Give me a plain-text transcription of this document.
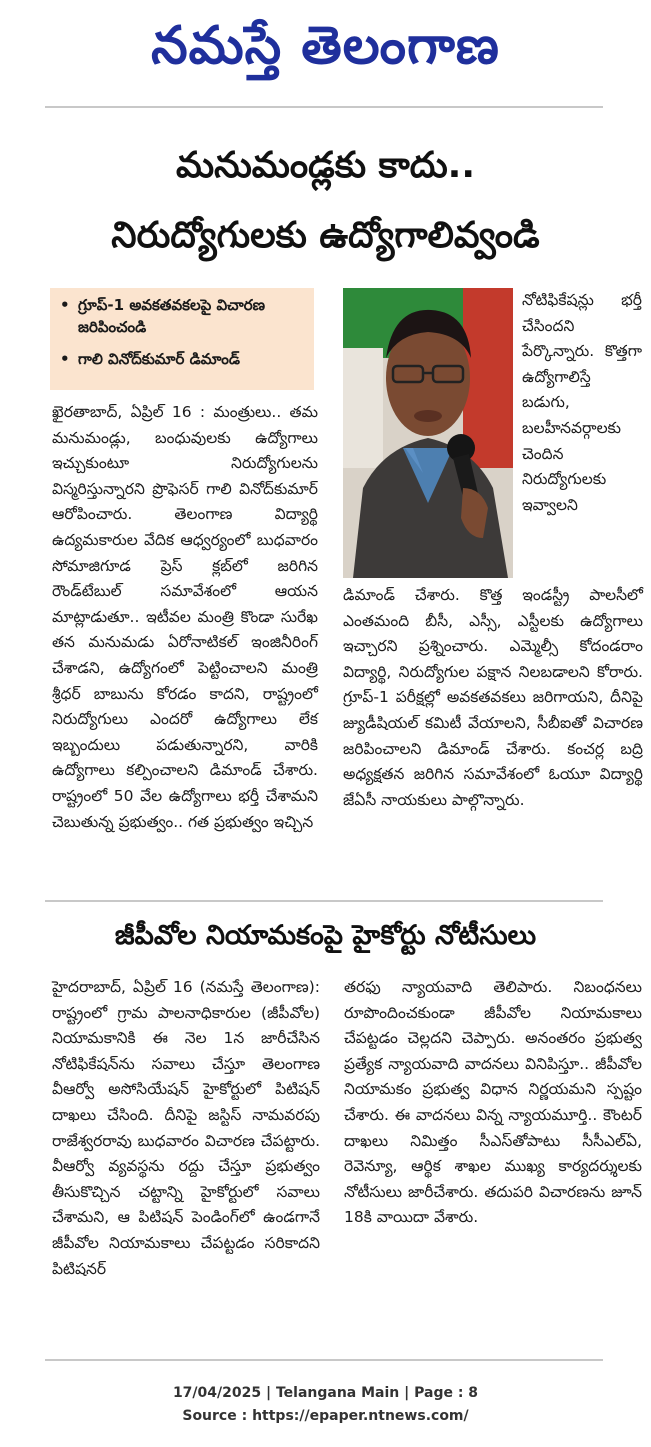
నమస్తే తెలంగాణ
మనుమండ్లకు కాదు..
నిరుద్యోగులకు ఉద్యోగాలివ్వండి
• గ్రూప్-1 అవకతవకలపై విచారణ జరిపించండి
• గాలి వినోద్‌కుమార్ డిమాండ్

ఖైరతాబాద్, ఏప్రిల్ 16 : మంత్రులు.. తమ మనుమండ్లు, బంధువులకు ఉద్యోగాలు ఇచ్చుకుంటూ నిరుద్యోగులను విస్మరిస్తున్నారని ప్రొఫెసర్ గాలి వినోద్‌కుమార్ ఆరోపించారు. తెలంగాణ విద్యార్థి ఉద్యమకారుల వేదిక ఆధ్వర్యంలో బుధవారం సోమాజిగూడ ప్రెస్ క్లబ్‌లో జరిగిన రౌండ్‌టేబుల్ సమావేశంలో ఆయన మాట్లాడుతూ.. ఇటీవల మంత్రి కొండా సురేఖ తన మనుమడు ఏరోనాటికల్ ఇంజినీరింగ్ చేశాడని, ఉద్యోగంలో పెట్టించాలని మంత్రి శ్రీధర్ బాబును కోరడం కాదని, రాష్ట్రంలో నిరుద్యోగులు ఎందరో ఉద్యోగాలు లేక ఇబ్బందులు పడుతున్నారని, వారికి ఉద్యోగాలు కల్పించాలని డిమాండ్ చేశారు. రాష్ట్రంలో 50 వేల ఉద్యోగాలు భర్తీ చేశామని చెబుతున్న ప్రభుత్వం.. గత ప్రభుత్వం ఇచ్చిన

నోటిఫికేషన్లు భర్తీ చేసిందని పేర్కొన్నారు. కొత్తగా ఉద్యోగాలిస్తే బడుగు, బలహీనవర్గాలకు చెందిన నిరుద్యోగులకు ఇవ్వాలని

డిమాండ్ చేశారు. కొత్త ఇండస్ట్రీ పాలసీలో ఎంతమంది బీసీ, ఎస్సీ, ఎస్టీలకు ఉద్యోగాలు ఇచ్చారని ప్రశ్నించారు. ఎమ్మెల్సీ కోదండరాం విద్యార్థి, నిరుద్యోగుల పక్షాన నిలబడాలని కోరారు. గ్రూప్-1 పరీక్షల్లో అవకతవకలు జరిగాయని, దీనిపై జ్యుడీషియల్ కమిటీ వేయాలని, సీబీఐతో విచారణ జరిపించాలని డిమాండ్ చేశారు. కంచర్ల బద్రి అధ్యక్షతన జరిగిన సమావేశంలో ఓయూ విద్యార్థి జేఏసీ నాయకులు పాల్గొన్నారు.

జీపీవోల నియామకంపై హైకోర్టు నోటీసులు

హైదరాబాద్, ఏప్రిల్ 16 (నమస్తే తెలంగాణ): రాష్ట్రంలో గ్రామ పాలనాధికారుల (జీపీవోల) నియామకానికి ఈ నెల 1న జారీచేసిన నోటిఫికేషన్‌ను సవాలు చేస్తూ తెలంగాణ వీఆర్వో అసోసియేషన్ హైకోర్టులో పిటిషన్ దాఖలు చేసింది. దీనిపై జస్టిస్ నామవరపు రాజేశ్వరరావు బుధవారం విచారణ చేపట్టారు. వీఆర్వో వ్యవస్థను రద్దు చేస్తూ ప్రభుత్వం తీసుకొచ్చిన చట్టాన్ని హైకోర్టులో సవాలు చేశామని, ఆ పిటిషన్ పెండింగ్‌లో ఉండగానే జీపీవోల నియామకాలు చేపట్టడం సరికాదని పిటిషనర్

తరఫు న్యాయవాది తెలిపారు. నిబంధనలు రూపొందించకుండా జీపీవోల నియామకాలు చేపట్టడం చెల్లదని చెప్పారు. అనంతరం ప్రభుత్వ ప్రత్యేక న్యాయవాది వాదనలు వినిపిస్తూ.. జీపీవోల నియామకం ప్రభుత్వ విధాన నిర్ణయమని స్పష్టం చేశారు. ఈ వాదనలు విన్న న్యాయమూర్తి.. కౌంటర్ దాఖలు నిమిత్తం సీఎస్‌తోపాటు సీసీఎల్ఏ, రెవెన్యూ, ఆర్థిక శాఖల ముఖ్య కార్యదర్శులకు నోటీసులు జారీచేశారు. తదుపరి విచారణను జూన్ 18కి వాయిదా వేశారు.

17/04/2025 | Telangana Main | Page : 8
Source : https://epaper.ntnews.com/
